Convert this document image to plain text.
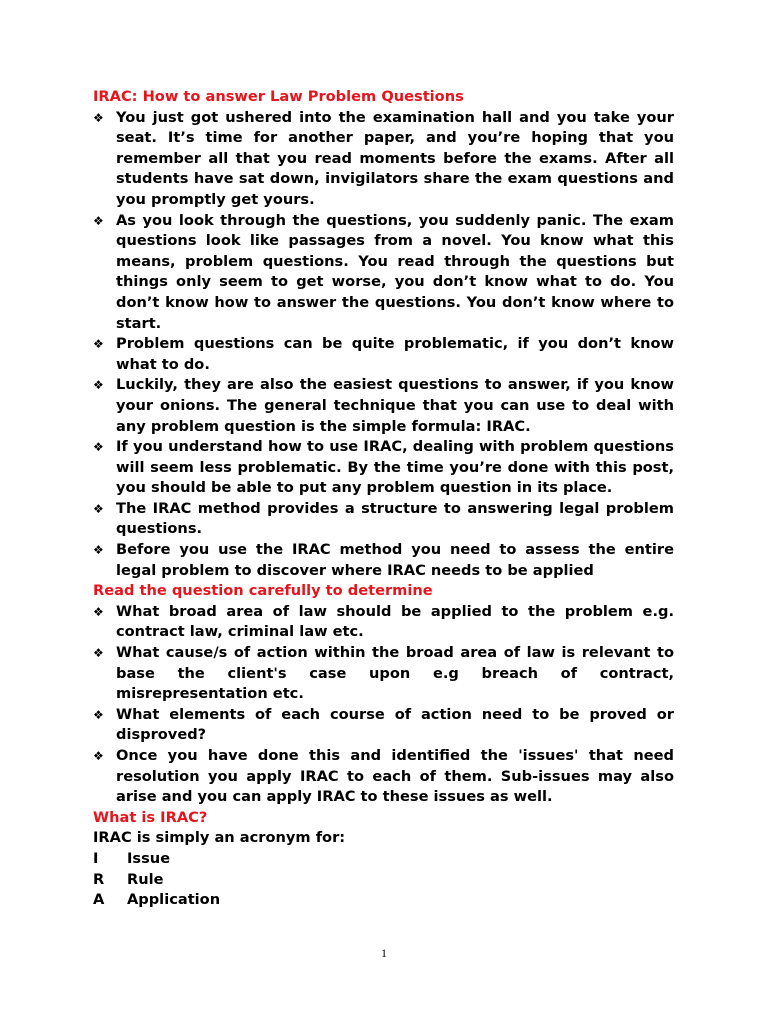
IRAC: How to answer Law Problem Questions

❖ You just got ushered into the examination hall and you take your seat. It’s time for another paper, and you’re hoping that you remember all that you read moments before the exams. After all students have sat down, invigilators share the exam questions and you promptly get yours.
❖ As you look through the questions, you suddenly panic. The exam questions look like passages from a novel. You know what this means, problem questions. You read through the questions but things only seem to get worse, you don’t know what to do. You don’t know how to answer the questions. You don’t know where to start.
❖ Problem questions can be quite problematic, if you don’t know what to do.
❖ Luckily, they are also the easiest questions to answer, if you know your onions. The general technique that you can use to deal with any problem question is the simple formula: IRAC.
❖ If you understand how to use IRAC, dealing with problem questions will seem less problematic. By the time you’re done with this post, you should be able to put any problem question in its place.
❖ The IRAC method provides a structure to answering legal problem questions.
❖ Before you use the IRAC method you need to assess the entire legal problem to discover where IRAC needs to be applied

Read the question carefully to determine

❖ What broad area of law should be applied to the problem e.g. contract law, criminal law etc.
❖ What cause/s of action within the broad area of law is relevant to base the client's case upon e.g breach of contract, misrepresentation etc.
❖ What elements of each course of action need to be proved or disproved?
❖ Once you have done this and identified the 'issues' that need resolution you apply IRAC to each of them. Sub-issues may also arise and you can apply IRAC to these issues as well.

What is IRAC?

IRAC is simply an acronym for:

I	Issue
R	Rule
A	Application
1
